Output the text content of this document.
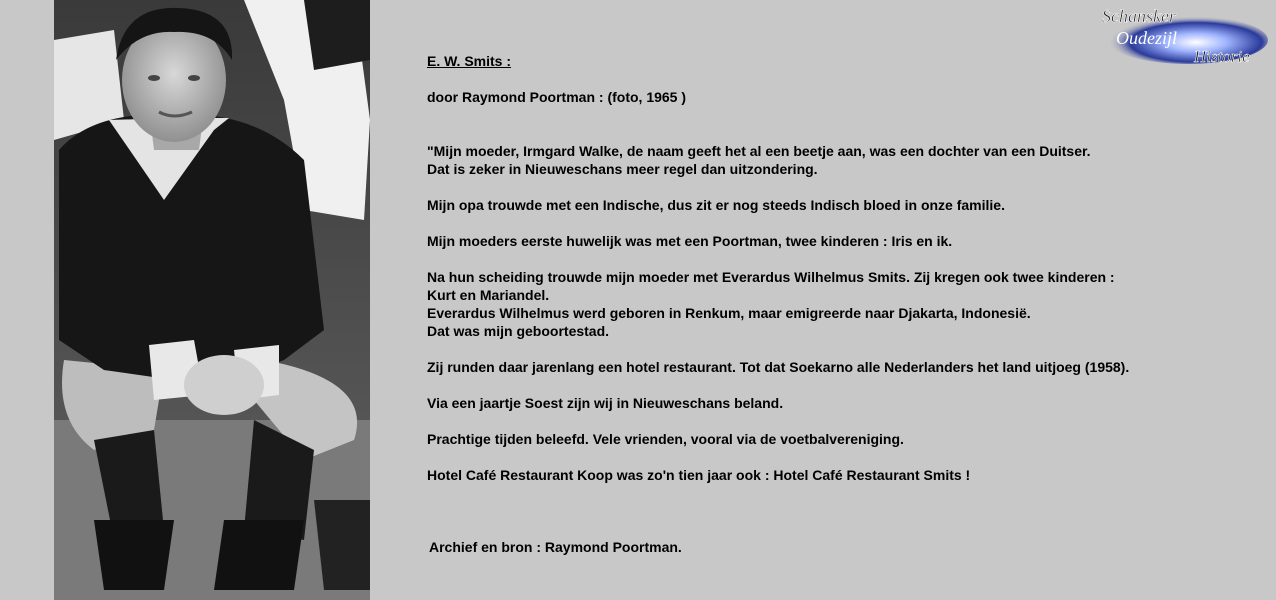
Schansker
Oudezijl
Historie

E. W. Smits :

door Raymond Poortman : (foto, 1965 )

"Mijn moeder, Irmgard Walke, de naam geeft het al een beetje aan, was een dochter van een Duitser.
Dat is zeker in Nieuweschans meer regel dan uitzondering.

Mijn opa trouwde met een Indische, dus zit er nog steeds Indisch bloed in onze familie.

Mijn moeders eerste huwelijk was met een Poortman, twee kinderen : Iris en ik.

Na hun scheiding trouwde mijn moeder met Everardus Wilhelmus Smits. Zij kregen ook twee kinderen :
Kurt en Mariandel.
Everardus Wilhelmus werd geboren in Renkum, maar emigreerde naar Djakarta, Indonesië.
Dat was mijn geboortestad.

Zij runden daar jarenlang een hotel restaurant. Tot dat Soekarno alle Nederlanders het land uitjoeg (1958).

Via een jaartje Soest zijn wij in Nieuweschans beland.

Prachtige tijden beleefd. Vele vrienden, vooral via de voetbalvereniging.

Hotel Café Restaurant Koop was zo'n tien jaar ook : Hotel Café Restaurant Smits !

Archief en bron : Raymond Poortman.
